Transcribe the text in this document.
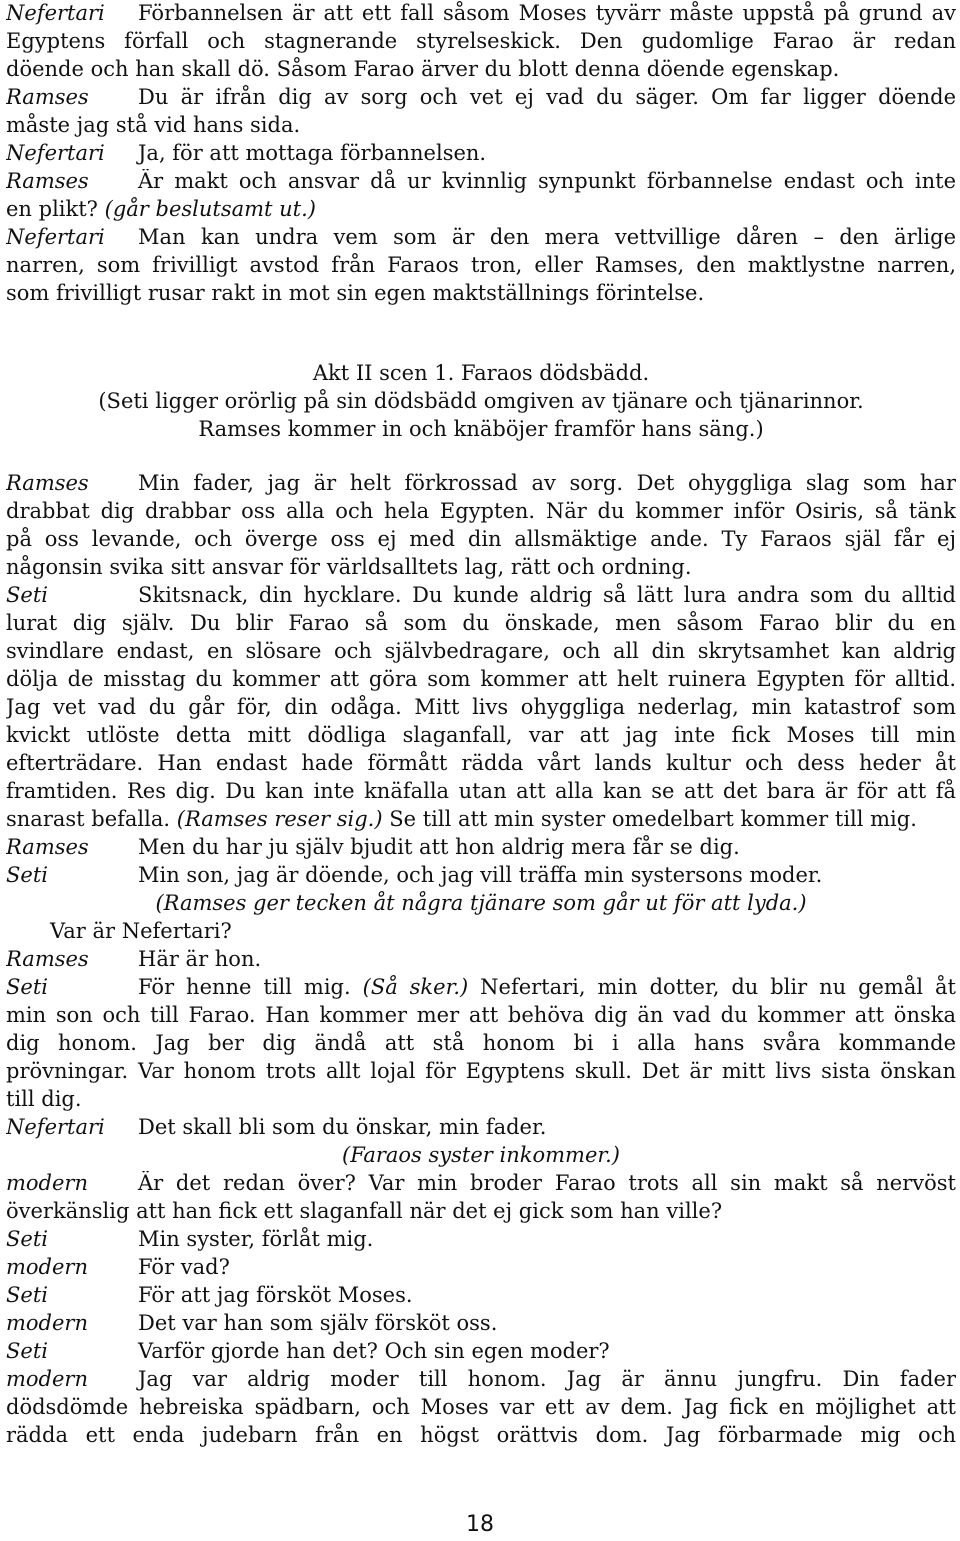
Nefertari Förbannelsen är att ett fall såsom Moses tyvärr måste uppstå på grund av
Egyptens förfall och stagnerande styrelseskick. Den gudomlige Farao är redan
döende och han skall dö. Såsom Farao ärver du blott denna döende egenskap.
Ramses Du är ifrån dig av sorg och vet ej vad du säger. Om far ligger döende
måste jag stå vid hans sida.
Nefertari Ja, för att mottaga förbannelsen.
Ramses Är makt och ansvar då ur kvinnlig synpunkt förbannelse endast och inte
en plikt? (går beslutsamt ut.)
Nefertari Man kan undra vem som är den mera vettvillige dåren – den ärlige
narren, som frivilligt avstod från Faraos tron, eller Ramses, den maktlystne narren,
som frivilligt rusar rakt in mot sin egen maktställnings förintelse.
Akt II scen 1. Faraos dödsbädd.
(Seti ligger orörlig på sin dödsbädd omgiven av tjänare och tjänarinnor.
Ramses kommer in och knäböjer framför hans säng.)
Ramses Min fader, jag är helt förkrossad av sorg. Det ohyggliga slag som har
drabbat dig drabbar oss alla och hela Egypten. När du kommer inför Osiris, så tänk
på oss levande, och överge oss ej med din allsmäktige ande. Ty Faraos själ får ej
någonsin svika sitt ansvar för världsalltets lag, rätt och ordning.
Seti	Skitsnack, din hycklare. Du kunde aldrig så lätt lura andra som du alltid
lurat dig själv. Du blir Farao så som du önskade, men såsom Farao blir du en
svindlare endast, en slösare och självbedragare, och all din skrytsamhet kan aldrig
dölja de misstag du kommer att göra som kommer att helt ruinera Egypten för alltid.
Jag vet vad du går för, din odåga. Mitt livs ohyggliga nederlag, min katastrof som
kvickt utlöste detta mitt dödliga slaganfall, var att jag inte fick Moses till min
efterträdare. Han endast hade förmått rädda vårt lands kultur och dess heder åt
framtiden. Res dig. Du kan inte knäfalla utan att alla kan se att det bara är för att få
snarast befalla. (Ramses reser sig.) Se till att min syster omedelbart kommer till mig.
Ramses Men du har ju själv bjudit att hon aldrig mera får se dig.
Seti	Min son, jag är döende, och jag vill träffa min systersons moder.
(Ramses ger tecken åt några tjänare som går ut för att lyda.)
Var är Nefertari?
Ramses Här är hon.
Seti	För henne till mig. (Så sker.) Nefertari, min dotter, du blir nu gemål åt
min son och till Farao. Han kommer mer att behöva dig än vad du kommer att önska
dig honom. Jag ber dig ändå att stå honom bi i alla hans svåra kommande
prövningar. Var honom trots allt lojal för Egyptens skull. Det är mitt livs sista önskan
till dig.
Nefertari Det skall bli som du önskar, min fader.
(Faraos syster inkommer.)
modern Är det redan över? Var min broder Farao trots all sin makt så nervöst
överkänslig att han fick ett slaganfall när det ej gick som han ville?
Seti	Min syster, förlåt mig.
modern För vad?
Seti	För att jag försköt Moses.
modern Det var han som själv försköt oss.
Seti	Varför gjorde han det? Och sin egen moder?
modern Jag var aldrig moder till honom. Jag är ännu jungfru. Din fader
dödsdömde hebreiska spädbarn, och Moses var ett av dem. Jag fick en möjlighet att
rädda ett enda judebarn från en högst orättvis dom. Jag förbarmade mig och
18
